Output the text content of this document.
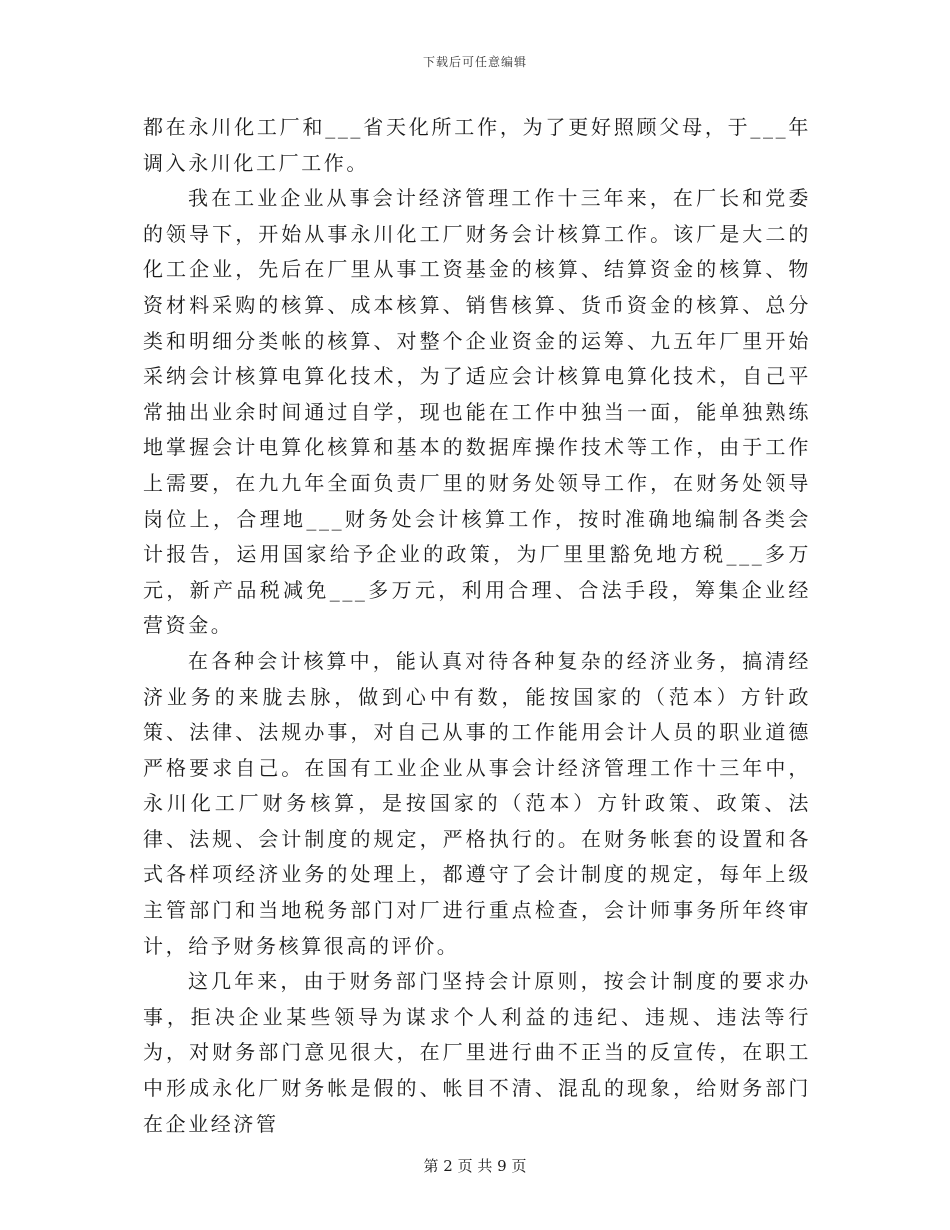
下载后可任意编辑

都在永川化工厂和___省天化所工作，为了更好照顾父母，于___年调入永川化工厂工作。

我在工业企业从事会计经济管理工作十三年来，在厂长和党委的领导下，开始从事永川化工厂财务会计核算工作。该厂是大二的化工企业，先后在厂里从事工资基金的核算、结算资金的核算、物资材料采购的核算、成本核算、销售核算、货币资金的核算、总分类和明细分类帐的核算、对整个企业资金的运筹、九五年厂里开始采纳会计核算电算化技术，为了适应会计核算电算化技术，自己平常抽出业余时间通过自学，现也能在工作中独当一面，能单独熟练地掌握会计电算化核算和基本的数据库操作技术等工作，由于工作上需要，在九九年全面负责厂里的财务处领导工作，在财务处领导岗位上，合理地___财务处会计核算工作，按时准确地编制各类会计报告，运用国家给予企业的政策，为厂里里豁免地方税___多万元，新产品税减免___多万元，利用合理、合法手段，筹集企业经营资金。

在各种会计核算中，能认真对待各种复杂的经济业务，搞清经济业务的来胧去脉，做到心中有数，能按国家的（范本）方针政策、法律、法规办事，对自己从事的工作能用会计人员的职业道德严格要求自己。在国有工业企业从事会计经济管理工作十三年中，永川化工厂财务核算，是按国家的（范本）方针政策、政策、法律、法规、会计制度的规定，严格执行的。在财务帐套的设置和各式各样项经济业务的处理上，都遵守了会计制度的规定，每年上级主管部门和当地税务部门对厂进行重点检查，会计师事务所年终审计，给予财务核算很高的评价。

这几年来，由于财务部门坚持会计原则，按会计制度的要求办事，拒决企业某些领导为谋求个人利益的违纪、违规、违法等行为，对财务部门意见很大，在厂里进行曲不正当的反宣传，在职工中形成永化厂财务帐是假的、帐目不清、混乱的现象，给财务部门在企业经济管

第 2 页 共 9 页
